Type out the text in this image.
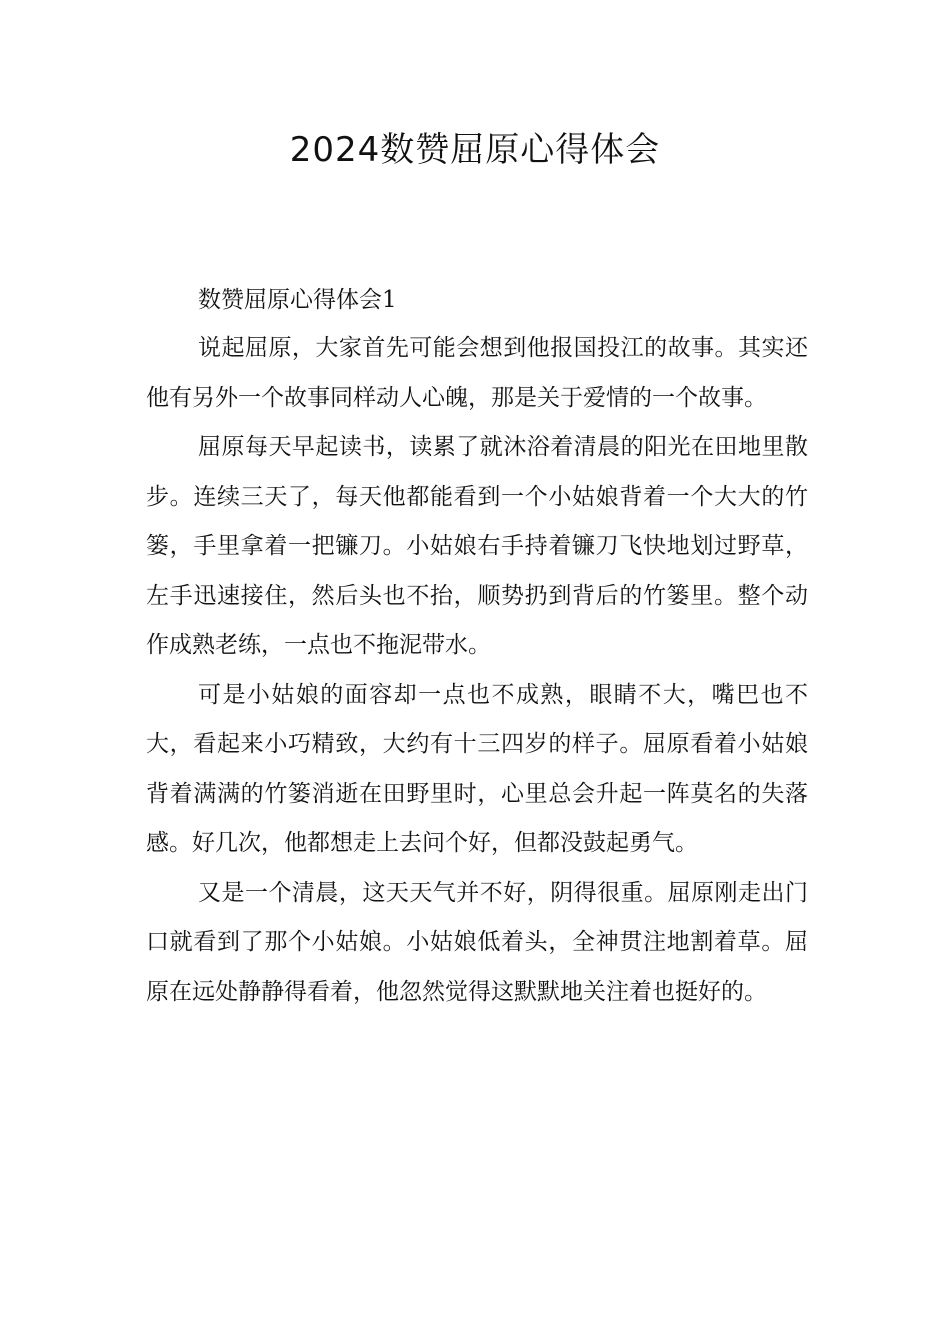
2024数赞屈原心得体会

数赞屈原心得体会1

说起屈原，大家首先可能会想到他报国投江的故事。其实还他有另外一个故事同样动人心魄，那是关于爱情的一个故事。

屈原每天早起读书，读累了就沐浴着清晨的阳光在田地里散步。连续三天了，每天他都能看到一个小姑娘背着一个大大的竹篓，手里拿着一把镰刀。小姑娘右手持着镰刀飞快地划过野草，左手迅速接住，然后头也不抬，顺势扔到背后的竹篓里。整个动作成熟老练，一点也不拖泥带水。

可是小姑娘的面容却一点也不成熟，眼睛不大，嘴巴也不大，看起来小巧精致，大约有十三四岁的样子。屈原看着小姑娘背着满满的竹篓消逝在田野里时，心里总会升起一阵莫名的失落感。好几次，他都想走上去问个好，但都没鼓起勇气。

又是一个清晨，这天天气并不好，阴得很重。屈原刚走出门口就看到了那个小姑娘。小姑娘低着头，全神贯注地割着草。屈原在远处静静得看着，他忽然觉得这默默地关注着也挺好的。
